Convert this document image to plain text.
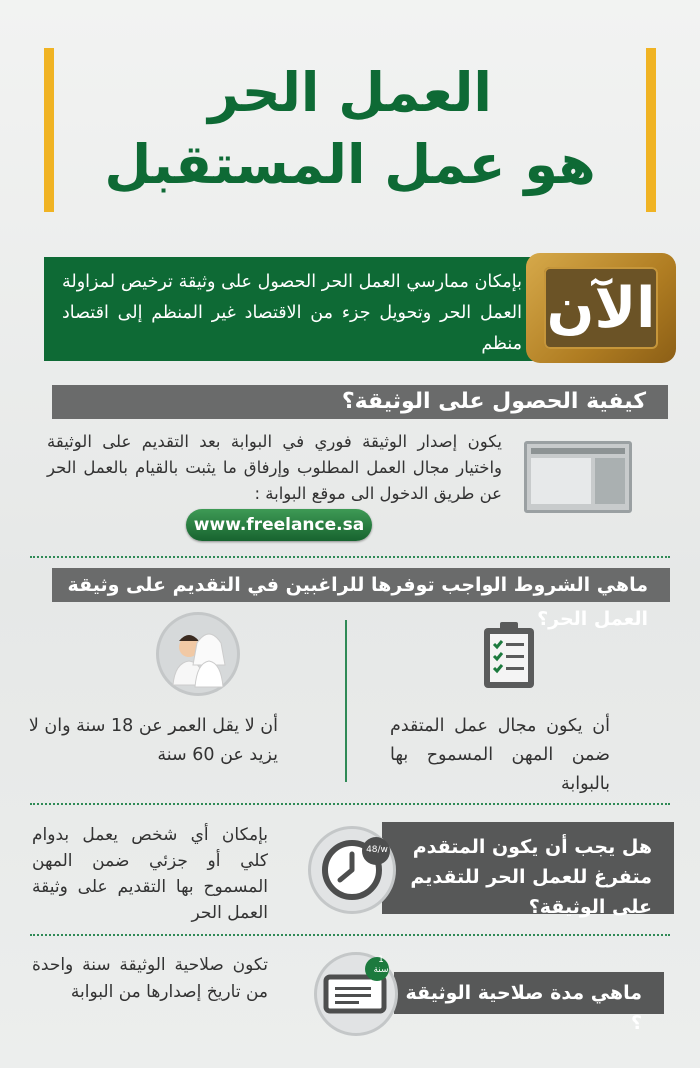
العمل الحر
هو عمل المستقبل
بإمكان ممارسي العمل الحر الحصول على وثيقة ترخيص لمزاولة العمل الحر وتحويل جزء من الاقتصاد غير المنظم إلى اقتصاد منظم
الآن
كيفية الحصول على الوثيقة؟
يكون إصدار الوثيقة فوري في البوابة بعد التقديم على الوثيقة واختيار مجال العمل المطلوب وإرفاق ما يثبت بالقيام بالعمل الحر عن طريق الدخول الى موقع البوابة :
www.freelance.sa
ماهي الشروط الواجب توفرها للراغبين في التقديم على وثيقة العمل الحر؟
أن يكون مجال عمل المتقدم ضمن المهن المسموح بها بالبوابة
أن لا يقل العمر عن 18 سنة وان لا يزيد عن 60 سنة
هل يجب أن يكون المتقدم متفرغ للعمل الحر للتقديم على الوثيقة؟
48/w
بإمكان أي شخص يعمل بدوام كلي أو جزئي ضمن المهن المسموح بها التقديم على وثيقة العمل الحر
ماهي مدة صلاحية الوثيقة ؟
1
سنة
تكون صلاحية الوثيقة سنة واحدة من تاريخ إصدارها من البوابة
